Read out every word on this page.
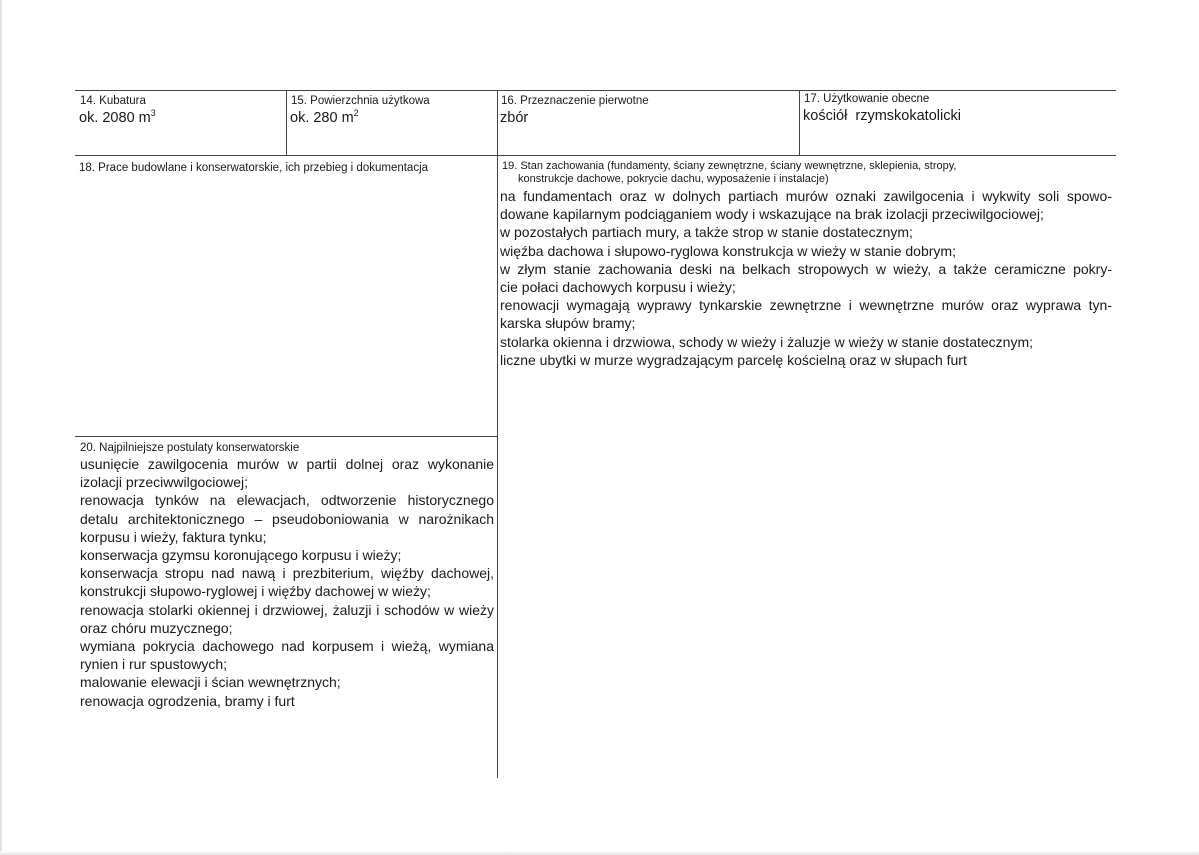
14. Kubatura
ok. 2080 $m^3$
15. Powierzchnia użytkowa
ok. 280 $m^2$
16. Przeznaczenie pierwotne
zbór
17. Użytkowanie obecne
kościół  rzymskokatolicki
18. Prace budowlane i konserwatorskie, ich przebieg i dokumentacja	19. Stan zachowania (fundamenty, ściany zewnętrzne, ściany wewnętrzne, sklepienia, stropy,
konstrukcje dachowe, pokrycie dachu, wyposażenie i instalacje)
na fundamentach oraz w dolnych partiach murów oznaki zawilgocenia i wykwity soli spowo-
dowane kapilarnym podciąganiem wody i wskazujące na brak izolacji przeciwilgociowej;
w pozostałych partiach mury, a także strop w stanie dostatecznym;
więźba dachowa i słupowo-ryglowa konstrukcja w wieży w stanie dobrym;
w złym stanie zachowania deski na belkach stropowych w wieży, a także ceramiczne pokry-
cie połaci dachowych korpusu i wieży;
renowacji wymagają wyprawy tynkarskie zewnętrzne i wewnętrzne murów oraz wyprawa tyn-
karska słupów bramy;
stolarka okienna i drzwiowa, schody w wieży i żaluzje w wieży w stanie dostatecznym;
liczne ubytki w murze wygradzającym parcelę kościelną oraz w słupach furt
20. Najpilniejsze postulaty konserwatorskie
usunięcie zawilgocenia murów w partii dolnej oraz wykonanie
izolacji przeciwwilgociowej;
renowacja tynków na elewacjach, odtworzenie historycznego
detalu architektonicznego – pseudoboniowania w narożnikach
korpusu i wieży, faktura tynku;
konserwacja gzymsu koronującego korpusu i wieży;
konserwacja stropu nad nawą i prezbiterium, więźby dachowej,
konstrukcji słupowo-ryglowej i więźby dachowej w wieży;
renowacja stolarki okiennej i drzwiowej, żaluzji i schodów w wieży
oraz chóru muzycznego;
wymiana pokrycia dachowego nad korpusem i wieżą, wymiana
rynien i rur spustowych;
malowanie elewacji i ścian wewnętrznych;
renowacja ogrodzenia, bramy i furt
